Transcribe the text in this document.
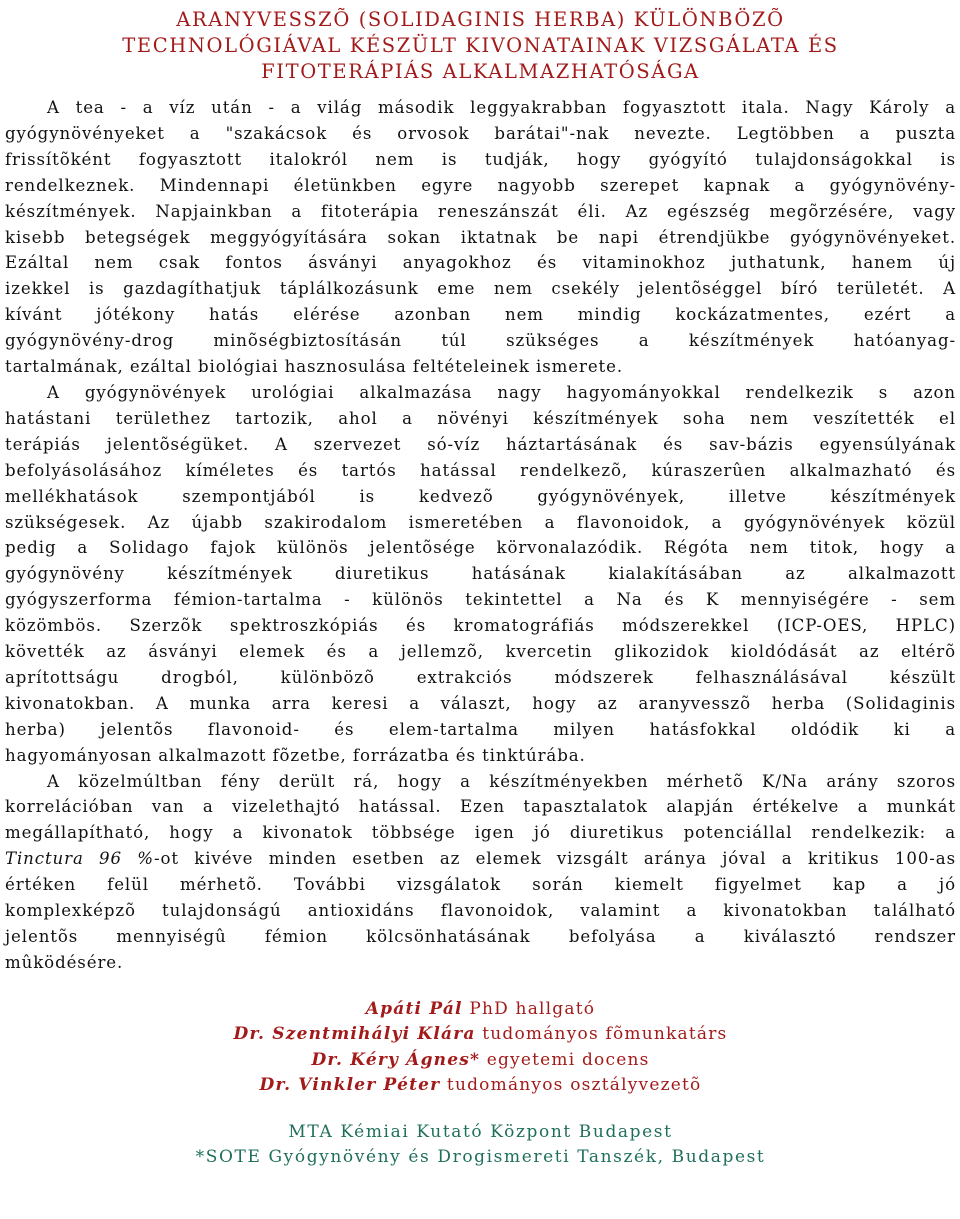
ARANYVESSZÕ (SOLIDAGINIS HERBA) KÜLÖNBÖZÕ
TECHNOLÓGIÁVAL KÉSZÜLT KIVONATAINAK VIZSGÁLATA ÉS
FITOTERÁPIÁS ALKALMAZHATÓSÁGA

A tea - a víz után - a világ második leggyakrabban fogyasztott itala. Nagy Károly a
gyógynövényeket a "szakácsok és orvosok barátai"-nak nevezte. Legtöbben a puszta
frissítõként fogyasztott italokról nem is tudják, hogy gyógyító tulajdonságokkal is
rendelkeznek. Mindennapi életünkben egyre nagyobb szerepet kapnak a gyógynövény-
készítmények. Napjainkban a fitoterápia reneszánszát éli. Az egészség megõrzésére, vagy
kisebb betegségek meggyógyítására sokan iktatnak be napi étrendjükbe gyógynövényeket.
Ezáltal nem csak fontos ásványi anyagokhoz és vitaminokhoz juthatunk, hanem új
izekkel is gazdagíthatjuk táplálkozásunk eme nem csekély jelentõséggel bíró területét. A
kívánt jótékony hatás elérése azonban nem mindig kockázatmentes, ezért a
gyógynövény-drog minõségbiztosításán túl szükséges a készítmények hatóanyag-
tartalmának, ezáltal biológiai hasznosulása feltételeinek ismerete.

A gyógynövények urológiai alkalmazása nagy hagyományokkal rendelkezik s azon
hatástani területhez tartozik, ahol a növényi készítmények soha nem veszítették el
terápiás jelentõségüket. A szervezet só-víz háztartásának és sav-bázis egyensúlyának
befolyásolásához kíméletes és tartós hatással rendelkezõ, kúraszerûen alkalmazható és
mellékhatások szempontjából is kedvezõ gyógynövények, illetve készítmények
szükségesek. Az újabb szakirodalom ismeretében a flavonoidok, a gyógynövények közül
pedig a Solidago fajok különös jelentõsége körvonalazódik. Régóta nem titok, hogy a
gyógynövény készítmények diuretikus hatásának kialakításában az alkalmazott
gyógyszerforma fémion-tartalma - különös tekintettel a Na és K mennyiségére - sem
közömbös. Szerzõk spektroszkópiás és kromatográfiás módszerekkel (ICP-OES, HPLC)
követték az ásványi elemek és a jellemzõ, kvercetin glikozidok kioldódását az eltérõ
aprítottságu drogból, különbözõ extrakciós módszerek felhasználásával készült
kivonatokban. A munka arra keresi a választ, hogy az aranyvesszõ herba (Solidaginis
herba) jelentõs flavonoid- és elem-tartalma milyen hatásfokkal oldódik ki a
hagyományosan alkalmazott fõzetbe, forrázatba és tinktúrába.

A közelmúltban fény derült rá, hogy a készítményekben mérhetõ K/Na arány szoros
korrelációban van a vizelethajtó hatással. Ezen tapasztalatok alapján értékelve a munkát
megállapítható, hogy a kivonatok többsége igen jó diuretikus potenciállal rendelkezik: a
Tinctura 96 %-ot kivéve minden esetben az elemek vizsgált aránya jóval a kritikus 100-as
értéken felül mérhetõ. További vizsgálatok során kiemelt figyelmet kap a jó
komplexképzõ tulajdonságú antioxidáns flavonoidok, valamint a kivonatokban található
jelentõs mennyiségû fémion kölcsönhatásának befolyása a kiválasztó rendszer
mûködésére.

Apáti Pál PhD hallgató
Dr. Szentmihályi Klára tudományos fõmunkatárs
Dr. Kéry Ágnes* egyetemi docens
Dr. Vinkler Péter tudományos osztályvezetõ
MTA Kémiai Kutató Központ Budapest
*SOTE Gyógynövény és Drogismereti Tanszék, Budapest
